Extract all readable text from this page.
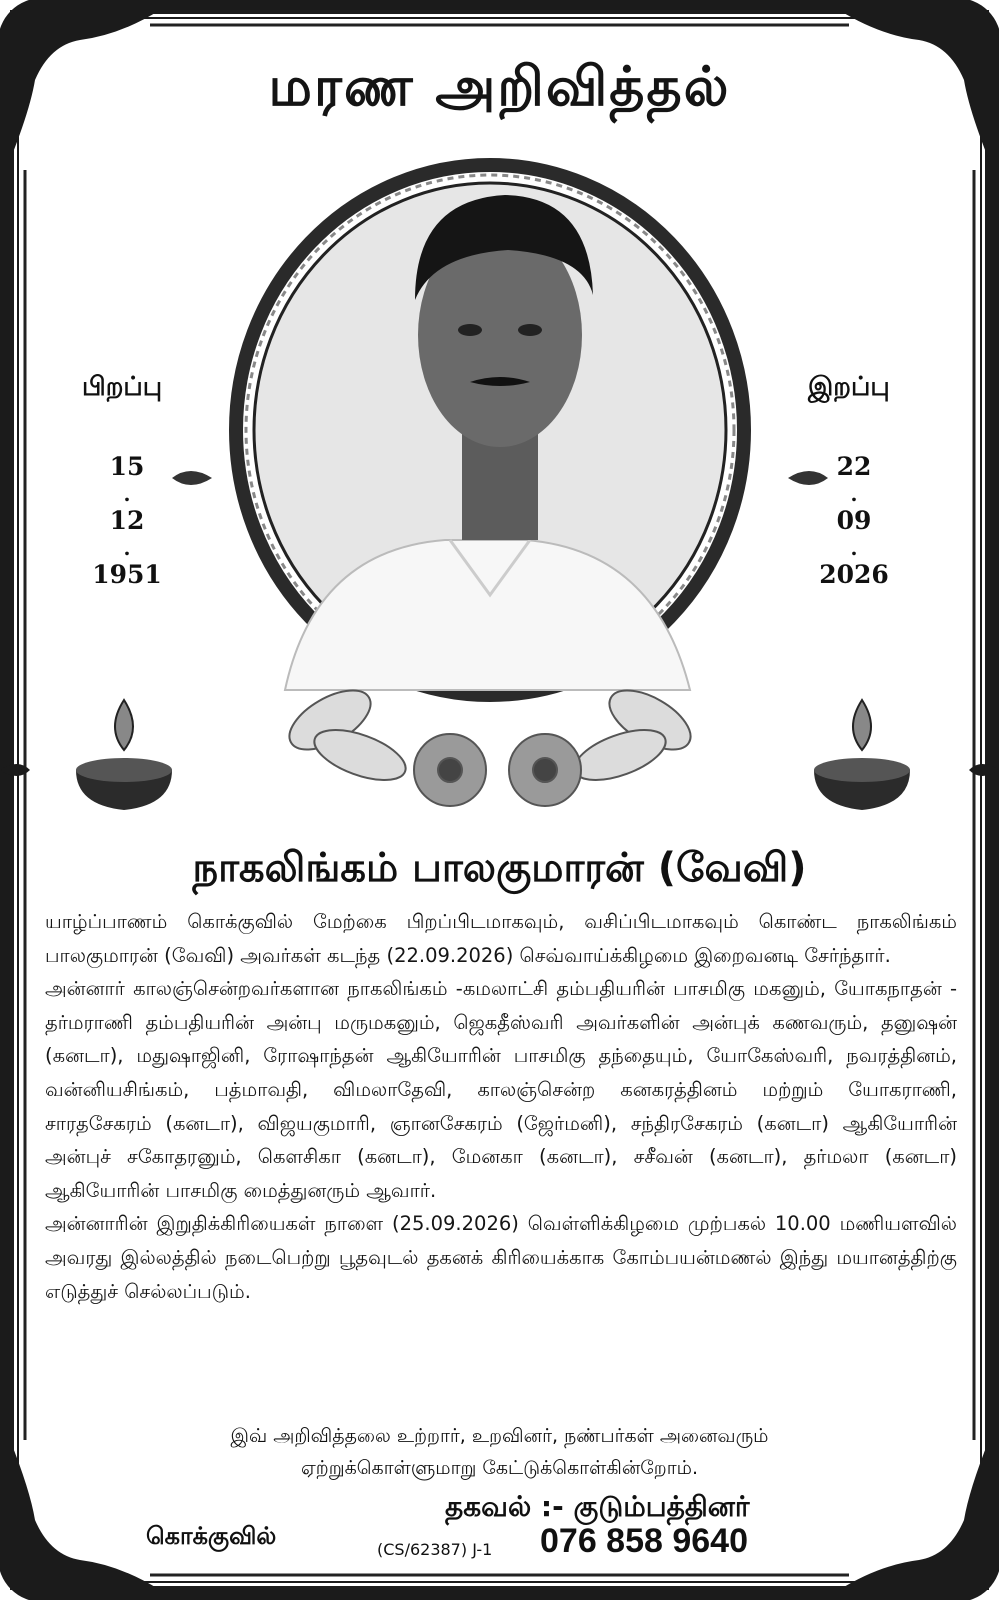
மரண அறிவித்தல்
பிறப்பு
15
.
12
.
1951
இறப்பு
22
.
09
.
2026
நாகலிங்கம் பாலகுமாரன் (வேவி)

யாழ்ப்பாணம் கொக்குவில் மேற்கை பிறப்பிடமாகவும், வசிப்பிடமாகவும் கொண்ட நாகலிங்கம் பாலகுமாரன் (வேவி) அவர்கள் கடந்த (22.09.2026) செவ்வாய்க்கிழமை இறைவனடி சேர்ந்தார்.

அன்னார் காலஞ்சென்றவர்களான நாகலிங்கம் -கமலாட்சி தம்பதியரின் பாசமிகு மகனும், யோகநாதன் - தர்மராணி தம்பதியரின் அன்பு மருமகனும், ஜெகதீஸ்வரி அவர்களின் அன்புக் கணவரும், தனுஷன் (கனடா), மதுஷாஜினி, ரோஷாந்தன் ஆகியோரின் பாசமிகு தந்தையும், யோகேஸ்வரி, நவரத்தினம், வன்னியசிங்கம், பத்மாவதி, விமலாதேவி, காலஞ்சென்ற கனகரத்தினம் மற்றும் யோகராணி, சாரதசேகரம் (கனடா), விஜயகுமாரி, ஞானசேகரம் (ஜேர்மனி), சந்திரசேகரம் (கனடா) ஆகியோரின் அன்புச் சகோதரனும், கௌசிகா (கனடா), மேனகா (கனடா), சசீவன் (கனடா), தர்மலா (கனடா) ஆகியோரின் பாசமிகு மைத்துனரும் ஆவார்.

அன்னாரின் இறுதிக்கிரியைகள் நாளை (25.09.2026) வெள்ளிக்கிழமை முற்பகல் 10.00 மணியளவில் அவரது இல்லத்தில் நடைபெற்று பூதவுடல் தகனக் கிரியைக்காக கோம்பயன்மணல் இந்து மயானத்திற்கு எடுத்துச் செல்லப்படும்.

இவ் அறிவித்தலை உற்றார், உறவினர், நண்பர்கள் அனைவரும்
ஏற்றுக்கொள்ளுமாறு கேட்டுக்கொள்கின்றோம்.
தகவல் :- குடும்பத்தினர்
கொக்குவில்	(CS/62387) J-1 076 858 9640
